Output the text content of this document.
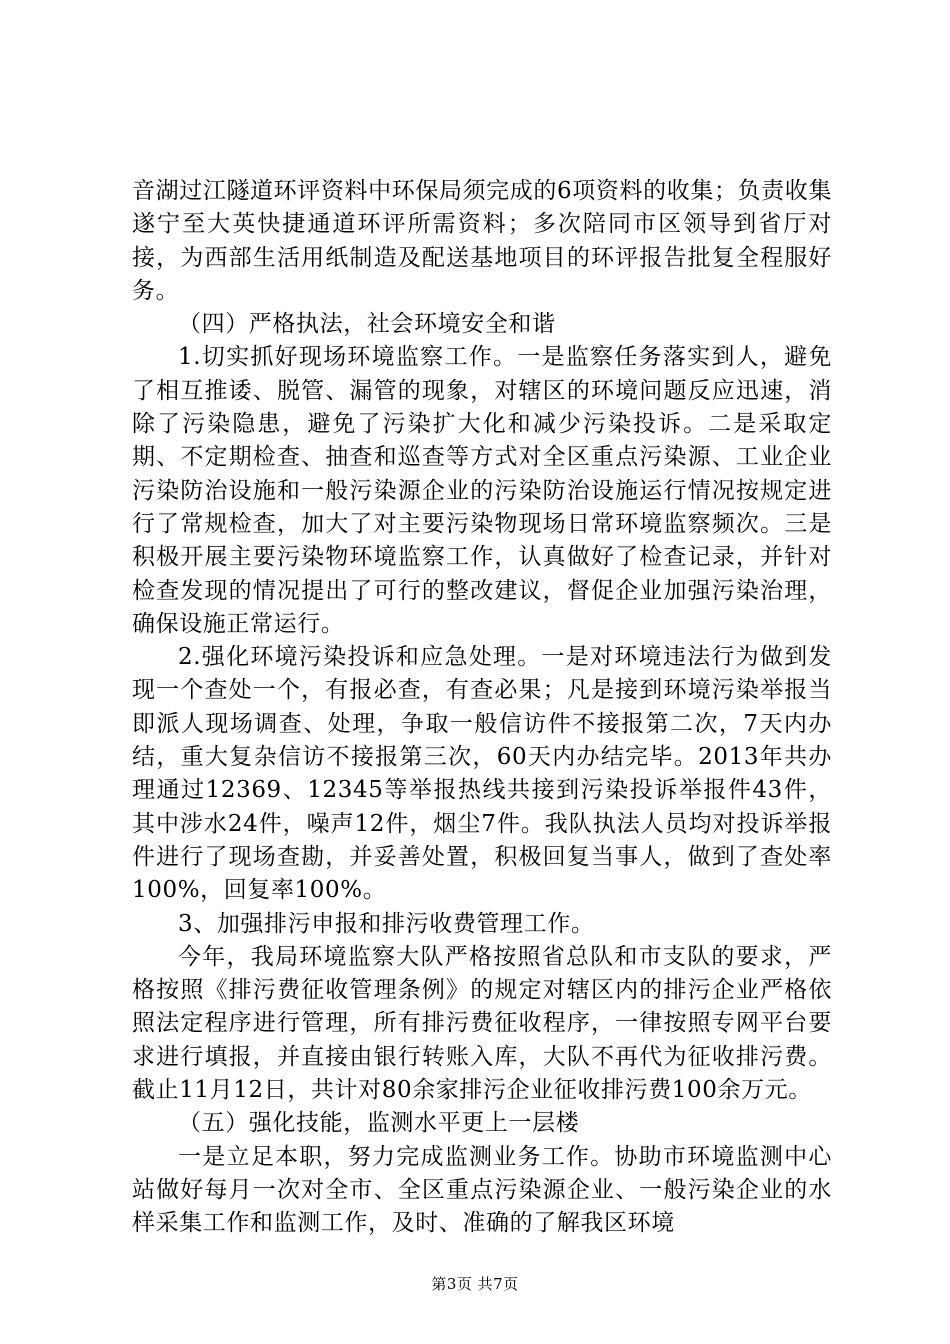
音湖过江隧道环评资料中环保局须完成的6项资料的收集；负责收集遂宁至大英快捷通道环评所需资料；多次陪同市区领导到省厅对接，为西部生活用纸制造及配送基地项目的环评报告批复全程服好务。

（四）严格执法，社会环境安全和谐

1.切实抓好现场环境监察工作。一是监察任务落实到人，避免了相互推诿、脱管、漏管的现象，对辖区的环境问题反应迅速，消除了污染隐患，避免了污染扩大化和减少污染投诉。二是采取定期、不定期检查、抽查和巡查等方式对全区重点污染源、工业企业污染防治设施和一般污染源企业的污染防治设施运行情况按规定进行了常规检查，加大了对主要污染物现场日常环境监察频次。三是积极开展主要污染物环境监察工作，认真做好了检查记录，并针对检查发现的情况提出了可行的整改建议，督促企业加强污染治理，确保设施正常运行。

2.强化环境污染投诉和应急处理。一是对环境违法行为做到发现一个查处一个，有报必查，有查必果；凡是接到环境污染举报当即派人现场调查、处理，争取一般信访件不接报第二次，7天内办结，重大复杂信访不接报第三次，60天内办结完毕。2013年共办理通过12369、12345等举报热线共接到污染投诉举报件43件，其中涉水24件，噪声12件，烟尘7件。我队执法人员均对投诉举报件进行了现场查勘，并妥善处置，积极回复当事人，做到了查处率100%，回复率100%。

3、加强排污申报和排污收费管理工作。

今年，我局环境监察大队严格按照省总队和市支队的要求，严格按照《排污费征收管理条例》的规定对辖区内的排污企业严格依照法定程序进行管理，所有排污费征收程序，一律按照专网平台要求进行填报，并直接由银行转账入库，大队不再代为征收排污费。截止11月12日，共计对80余家排污企业征收排污费100余万元。

（五）强化技能，监测水平更上一层楼

一是立足本职，努力完成监测业务工作。协助市环境监测中心站做好每月一次对全市、全区重点污染源企业、一般污染企业的水样采集工作和监测工作，及时、准确的了解我区环境

第3页 共7页
